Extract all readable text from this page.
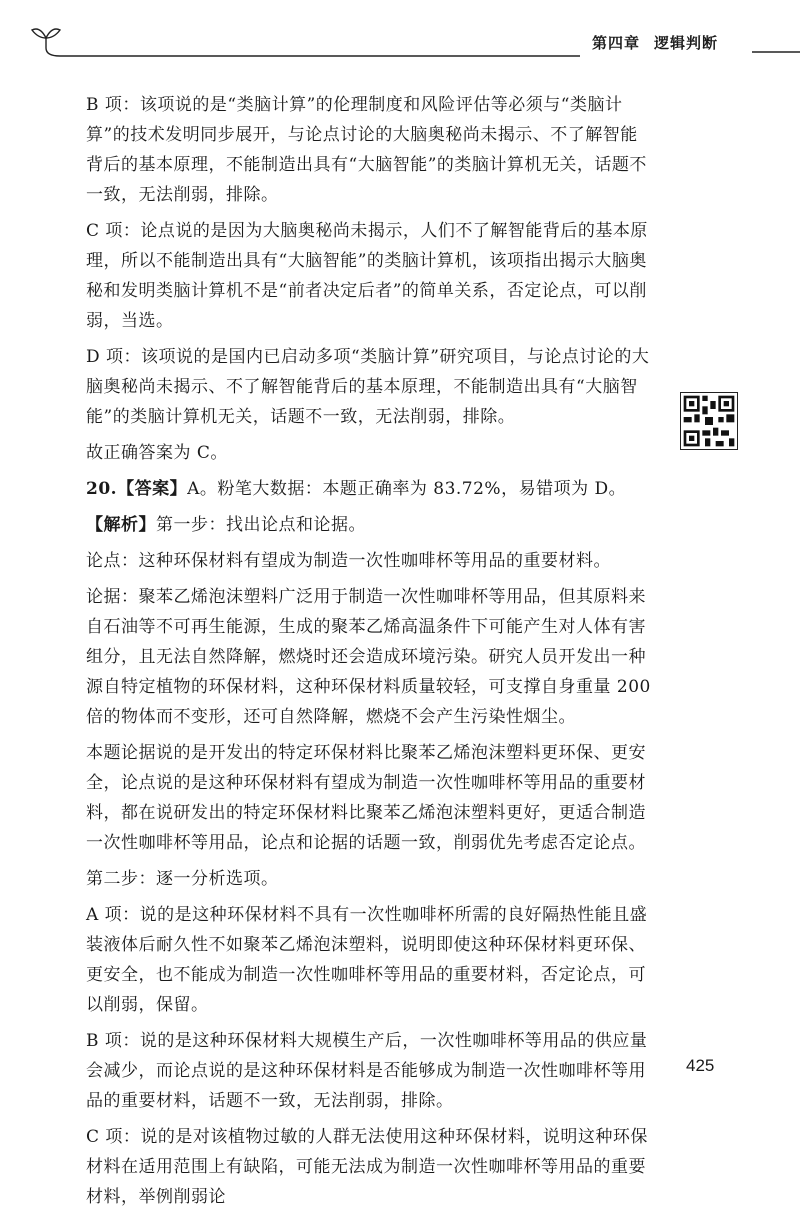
第四章 逻辑判断

B 项：该项说的是“类脑计算”的伦理制度和风险评估等必须与“类脑计算”的技术发明同步展开，与论点讨论的大脑奥秘尚未揭示、不了解智能背后的基本原理，不能制造出具有“大脑智能”的类脑计算机无关，话题不一致，无法削弱，排除。

C 项：论点说的是因为大脑奥秘尚未揭示，人们不了解智能背后的基本原理，所以不能制造出具有“大脑智能”的类脑计算机，该项指出揭示大脑奥秘和发明类脑计算机不是“前者决定后者”的简单关系，否定论点，可以削弱，当选。

D 项：该项说的是国内已启动多项“类脑计算”研究项目，与论点讨论的大脑奥秘尚未揭示、不了解智能背后的基本原理，不能制造出具有“大脑智能”的类脑计算机无关，话题不一致，无法削弱，排除。

故正确答案为 C。

20.【答案】A。粉笔大数据：本题正确率为 83.72%，易错项为 D。

【解析】第一步：找出论点和论据。

论点：这种环保材料有望成为制造一次性咖啡杯等用品的重要材料。

论据：聚苯乙烯泡沫塑料广泛用于制造一次性咖啡杯等用品，但其原料来自石油等不可再生能源，生成的聚苯乙烯高温条件下可能产生对人体有害组分，且无法自然降解，燃烧时还会造成环境污染。研究人员开发出一种源自特定植物的环保材料，这种环保材料质量较轻，可支撑自身重量 200 倍的物体而不变形，还可自然降解，燃烧不会产生污染性烟尘。

本题论据说的是开发出的特定环保材料比聚苯乙烯泡沫塑料更环保、更安全，论点说的是这种环保材料有望成为制造一次性咖啡杯等用品的重要材料，都在说研发出的特定环保材料比聚苯乙烯泡沫塑料更好，更适合制造一次性咖啡杯等用品，论点和论据的话题一致，削弱优先考虑否定论点。

第二步：逐一分析选项。

A 项：说的是这种环保材料不具有一次性咖啡杯所需的良好隔热性能且盛装液体后耐久性不如聚苯乙烯泡沫塑料，说明即使这种环保材料更环保、更安全，也不能成为制造一次性咖啡杯等用品的重要材料，否定论点，可以削弱，保留。

B 项：说的是这种环保材料大规模生产后，一次性咖啡杯等用品的供应量会减少，而论点说的是这种环保材料是否能够成为制造一次性咖啡杯等用品的重要材料，话题不一致，无法削弱，排除。

C 项：说的是对该植物过敏的人群无法使用这种环保材料，说明这种环保材料在适用范围上有缺陷，可能无法成为制造一次性咖啡杯等用品的重要材料，举例削弱论

425
